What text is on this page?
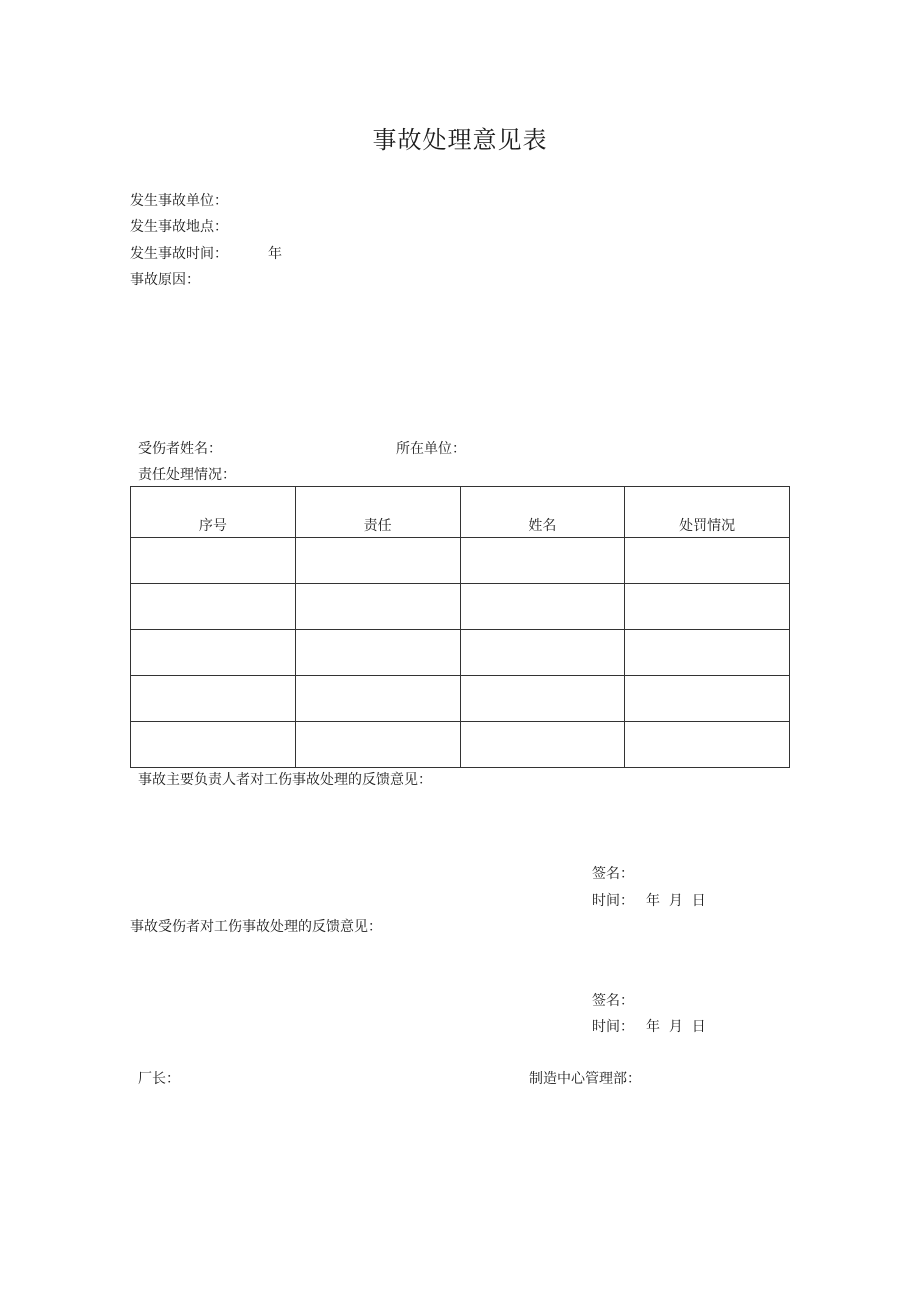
事故处理意见表
发生事故单位：
发生事故地点：
发生事故时间：	年
事故原因：
受伤者姓名：	所在单位：
责任处理情况：
序号	责任	姓名	处罚情况

事故主要负责人者对工伤事故处理的反馈意见：
签名：
时间： 年  月  日
事故受伤者对工伤事故处理的反馈意见：
签名：
时间： 年  月  日
厂长：	制造中心管理部：
